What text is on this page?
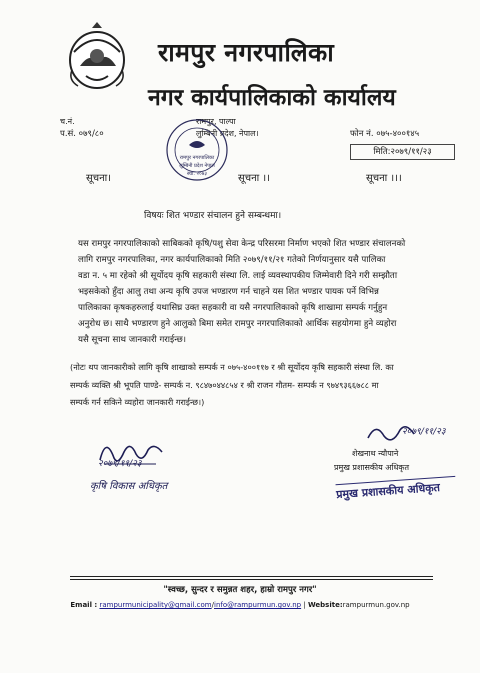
रामपुर नगरपालिका
नगर कार्यपालिकाको कार्यालय
च.नं.
प.सं. ०७९/८०
रामपुर, पाल्पा
लुम्बिनी प्रदेश, नेपाल।	फोन नं. ०७५-४००१४५
मिति:२०७९/११/२३
रामपुर नगरपालिका
लुम्बिनी प्रदेश नेपाल
स्था. २०७३
सूचना।	सूचना ।।	सूचना ।।।
विषयः शित भण्डार संचालन हुने सम्बन्धमा।
यस रामपुर नगरपालिकाको साबिकको कृषि/पशु सेवा केन्द्र परिसरमा निर्माण भएको शित भण्डार संचालनको
लागि रामपुर नगरपालिका, नगर कार्यपालिकाको मिति २०७९/११/२१ गतेको निर्णयानुसार यसै पालिका
वडा न. ५ मा रहेको श्री सूर्योदय कृषि सहकारी संस्था लि. लाई व्यवस्थापकीय जिम्मेवारी दिने गरी सम्झौता
भइसकेको हुँदा आलु तथा अन्य कृषि उपज भण्डारण गर्न चाहने यस शित भण्डार पायक पर्ने विभिन्न
पालिकाका कृषकहरुलाई यथासिघ्र उक्त सहकारी वा यसै नगरपालिकाको कृषि शाखामा सम्पर्क गर्नुहुन
अनुरोध छ। साथै भण्डारण हुने आलुको बिमा समेत रामपुर नगरपालिकाको आर्थिक सहयोगमा हुने व्यहोरा
यसै सूचना साथ जानकारी गराईन्छ।
(नोटः थप जानकारीको लागि कृषि शाखाको सम्पर्क न ०७५-४००११७ र श्री सूर्योदय कृषि सहकारी संस्था लि. का
सम्पर्क व्यक्ति श्री भूपति पाण्डे- सम्पर्क न. ९८४७०४४८५४ र श्री राजन गौतम- सम्पर्क न ९७४९३६६७८८ मा
सम्पर्क गर्न सकिने व्यहोरा जानकारी गराईन्छ।)
२०७९/११/२३
कृषि विकास अधिकृत
२०७९/११/२३
शेखनाथ न्यौपाने
प्रमुख प्रशासकीय अधिकृत
प्रमुख प्रशासकीय अधिकृत
"स्वच्छ, सुन्दर र समुन्नत शहर, हाम्रो रामपुर नगर"
Email : rampurmunicipality@gmail.com/info@rampurmun.gov.np | Website:rampurmun.gov.np
